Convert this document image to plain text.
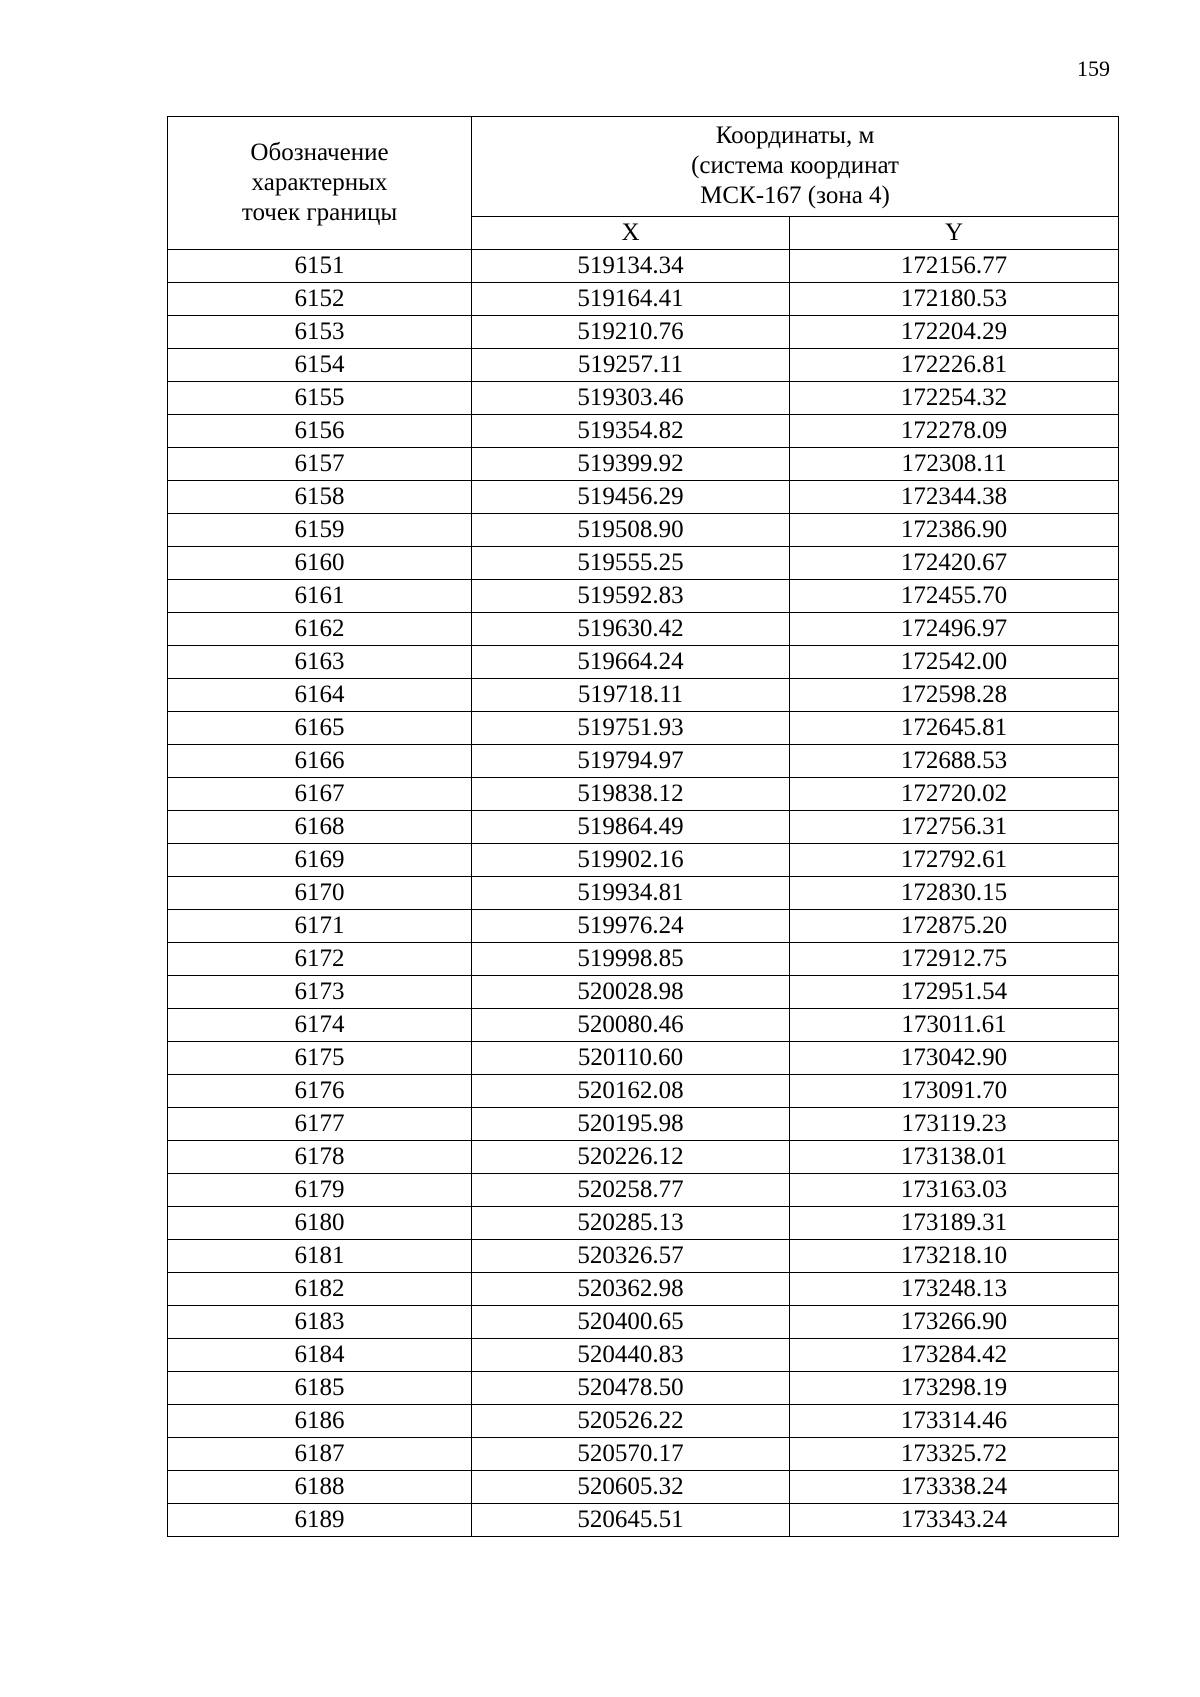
159
Обозначение
характерных
точек границы	Координаты, м
(система координат
МСК-167 (зона 4)	

	X	Y
6151	519134.34	172156.77
6152	519164.41	172180.53
6153	519210.76	172204.29
6154	519257.11	172226.81
6155	519303.46	172254.32
6156	519354.82	172278.09
6157	519399.92	172308.11
6158	519456.29	172344.38
6159	519508.90	172386.90
6160	519555.25	172420.67
6161	519592.83	172455.70
6162	519630.42	172496.97
6163	519664.24	172542.00
6164	519718.11	172598.28
6165	519751.93	172645.81
6166	519794.97	172688.53
6167	519838.12	172720.02
6168	519864.49	172756.31
6169	519902.16	172792.61
6170	519934.81	172830.15
6171	519976.24	172875.20
6172	519998.85	172912.75
6173	520028.98	172951.54
6174	520080.46	173011.61
6175	520110.60	173042.90
6176	520162.08	173091.70
6177	520195.98	173119.23
6178	520226.12	173138.01
6179	520258.77	173163.03
6180	520285.13	173189.31
6181	520326.57	173218.10
6182	520362.98	173248.13
6183	520400.65	173266.90
6184	520440.83	173284.42
6185	520478.50	173298.19
6186	520526.22	173314.46
6187	520570.17	173325.72
6188	520605.32	173338.24
6189	520645.51	173343.24
